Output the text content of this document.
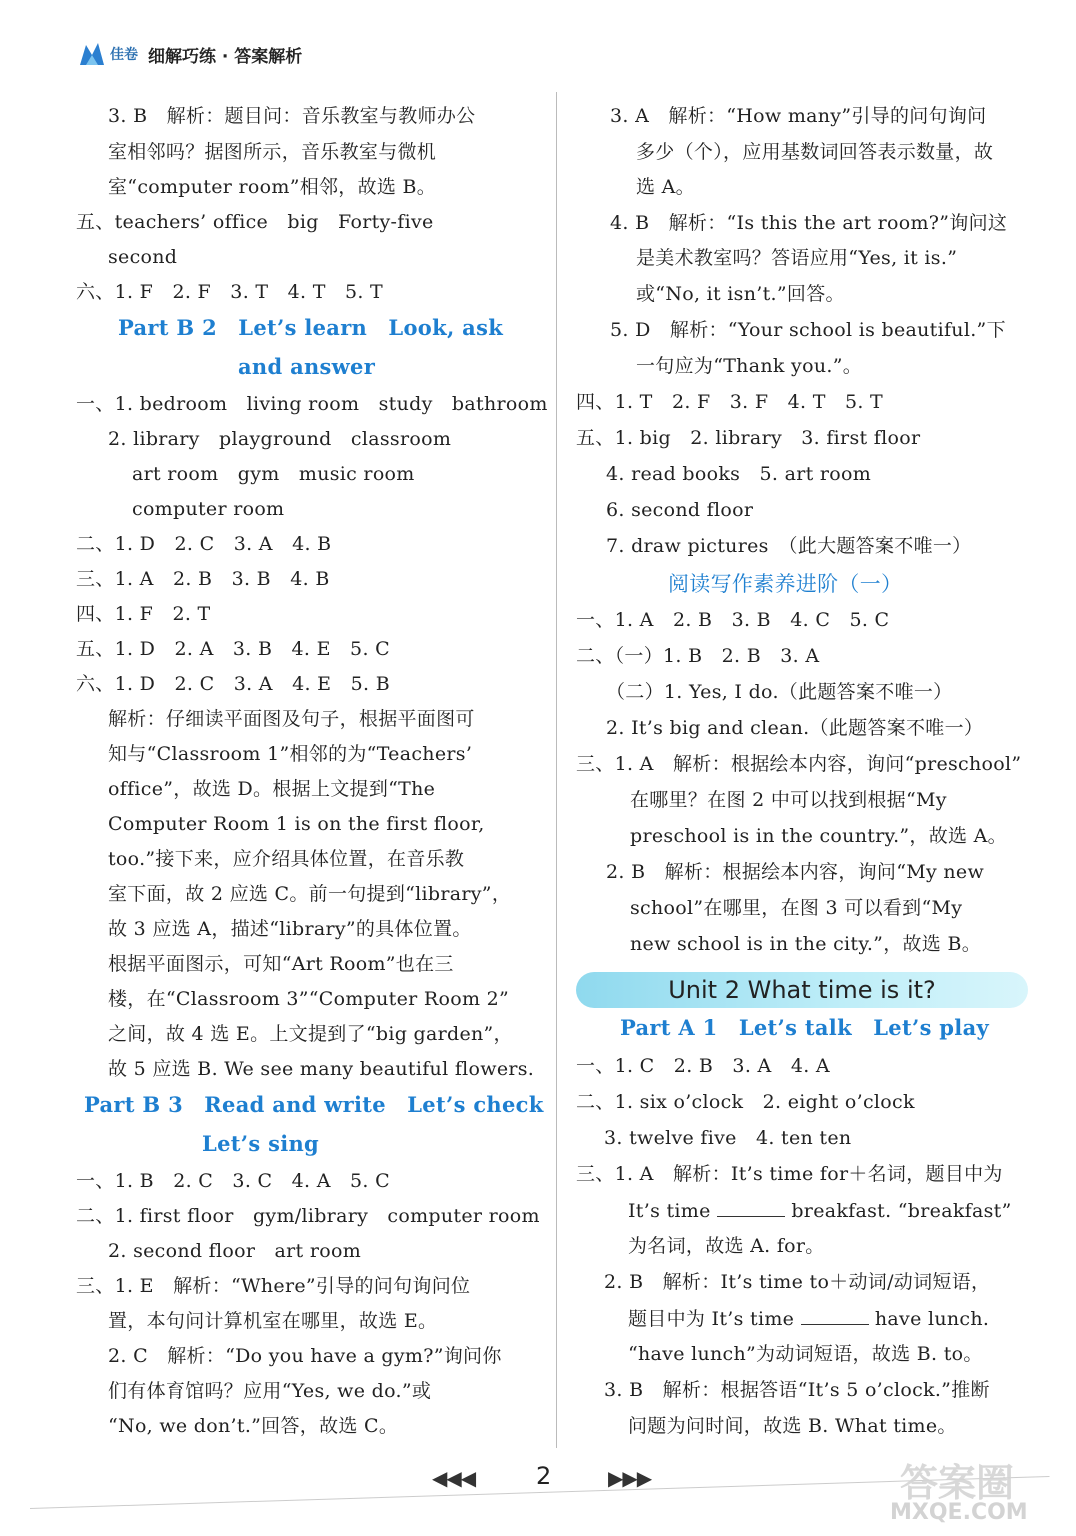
佳卷 细解巧练 · 答案解析
3. B　解析：题目问：音乐教室与教师办公
室相邻吗？据图所示，音乐教室与微机
室“computer room”相邻，故选 B。
五、teachers’ office　big　Forty-five
second
六、1. F　2. F　3. T　4. T　5. T
Part B 2　Let’s learn　Look, ask
and answer
一、1. bedroom　living room　study　bathroom
2. library　playground　classroom
art room　gym　music room
computer room
二、1. D　2. C　3. A　4. B
三、1. A　2. B　3. B　4. B
四、1. F　2. T
五、1. D　2. A　3. B　4. E　5. C
六、1. D　2. C　3. A　4. E　5. B
解析：仔细读平面图及句子，根据平面图可
知与“Classroom 1”相邻的为“Teachers’
office”，故选 D。根据上文提到“The
Computer Room 1 is on the first floor,
too.”接下来，应介绍具体位置，在音乐教
室下面，故 2 应选 C。前一句提到“library”，
故 3 应选 A，描述“library”的具体位置。
根据平面图示，可知“Art Room”也在三
楼，在“Classroom 3”“Computer Room 2”
之间，故 4 选 E。上文提到了“big garden”，
故 5 应选 B. We see many beautiful flowers.
Part B 3　Read and write　Let’s check
Let’s sing
一、1. B　2. C　3. C　4. A　5. C
二、1. first floor　gym/library　computer room
2. second floor　art room
三、1. E　解析：“Where”引导的问句询问位
置，本句问计算机室在哪里，故选 E。
2. C　解析：“Do you have a gym?”询问你
们有体育馆吗？应用“Yes, we do.”或
“No, we don’t.”回答，故选 C。
3. A　解析：“How many”引导的问句询问
多少（个），应用基数词回答表示数量，故
选 A。
4. B　解析：“Is this the art room?”询问这
是美术教室吗？答语应用“Yes, it is.”
或“No, it isn’t.”回答。
5. D　解析：“Your school is beautiful.”下
一句应为“Thank you.”。
四、1. T　2. F　3. F　4. T　5. T
五、1. big　2. library　3. first floor
4. read books　5. art room
6. second floor
7. draw pictures　（此大题答案不唯一）
阅读写作素养进阶（一）
一、1. A　2. B　3. B　4. C　5. C
二、（一）1. B　2. B　3. A
（二）1. Yes, I do.（此题答案不唯一）
2. It’s big and clean.（此题答案不唯一）
三、1. A　解析：根据绘本内容，询问“preschool”
在哪里？在图 2 中可以找到根据“My
preschool is in the country.”，故选 A。
2. B　解析：根据绘本内容，询问“My new
school”在哪里，在图 3 可以看到“My
new school is in the city.”，故选 B。
Unit 2 What time is it?
Part A 1　Let’s talk　Let’s play
一、1. C　2. B　3. A　4. A
二、1. six o’clock　2. eight o’clock
3. twelve five　4. ten ten
三、1. A　解析：It’s time for＋名词，题目中为
It’s time	breakfast. “breakfast”
为名词，故选 A. for。
2. B　解析：It’s time to＋动词/动词短语，
题目中为 It’s time	have lunch.
“have lunch”为动词短语，故选 B. to。
3. B　解析：根据答语“It’s 5 o’clock.”推断
问题为问时间，故选 B. What time。
◀◀◀	2	▶▶▶	答案圈
MXQE.COM
